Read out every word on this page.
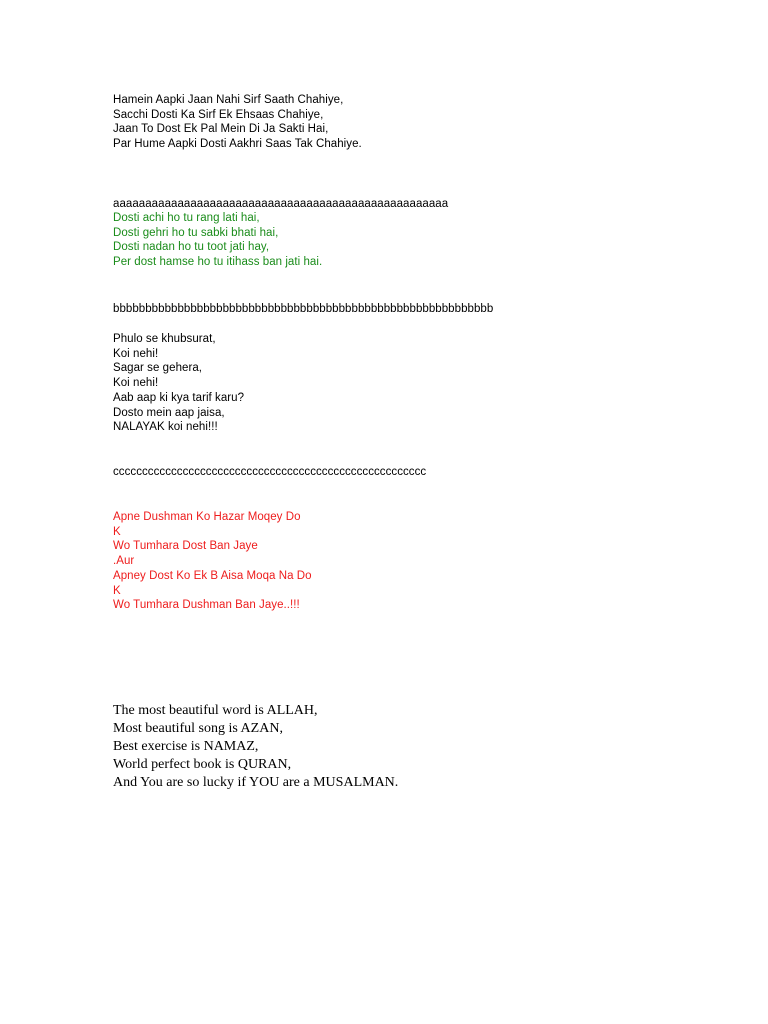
Hamein Aapki Jaan Nahi Sirf Saath Chahiye,
Sacchi Dosti Ka Sirf Ek Ehsaas Chahiye,
Jaan To Dost Ek Pal Mein Di Ja Sakti Hai,
Par Hume Aapki Dosti Aakhri Saas Tak Chahiye.
aaaaaaaaaaaaaaaaaaaaaaaaaaaaaaaaaaaaaaaaaaaaaaaaaaaa
Dosti achi ho tu rang lati hai,
Dosti gehri ho tu sabki bhati hai,
Dosti nadan ho tu toot jati hay,
Per dost hamse ho tu itihass ban jati hai.
bbbbbbbbbbbbbbbbbbbbbbbbbbbbbbbbbbbbbbbbbbbbbbbbbbbbbbbbbbb
Phulo se khubsurat,
Koi nehi!
Sagar se gehera,
Koi nehi!
Aab aap ki kya tarif karu?
Dosto mein aap jaisa,
NALAYAK koi nehi!!!
cccccccccccccccccccccccccccccccccccccccccccccccccccccc
Apne Dushman Ko Hazar Moqey Do
K
Wo Tumhara Dost Ban Jaye
.Aur
Apney Dost Ko Ek B Aisa Moqa Na Do
K
Wo Tumhara Dushman Ban Jaye..!!!
The most beautiful word is ALLAH,
Most beautiful song is AZAN,
Best exercise is NAMAZ,
World perfect book is QURAN,
And You are so lucky if YOU are a MUSALMAN.
